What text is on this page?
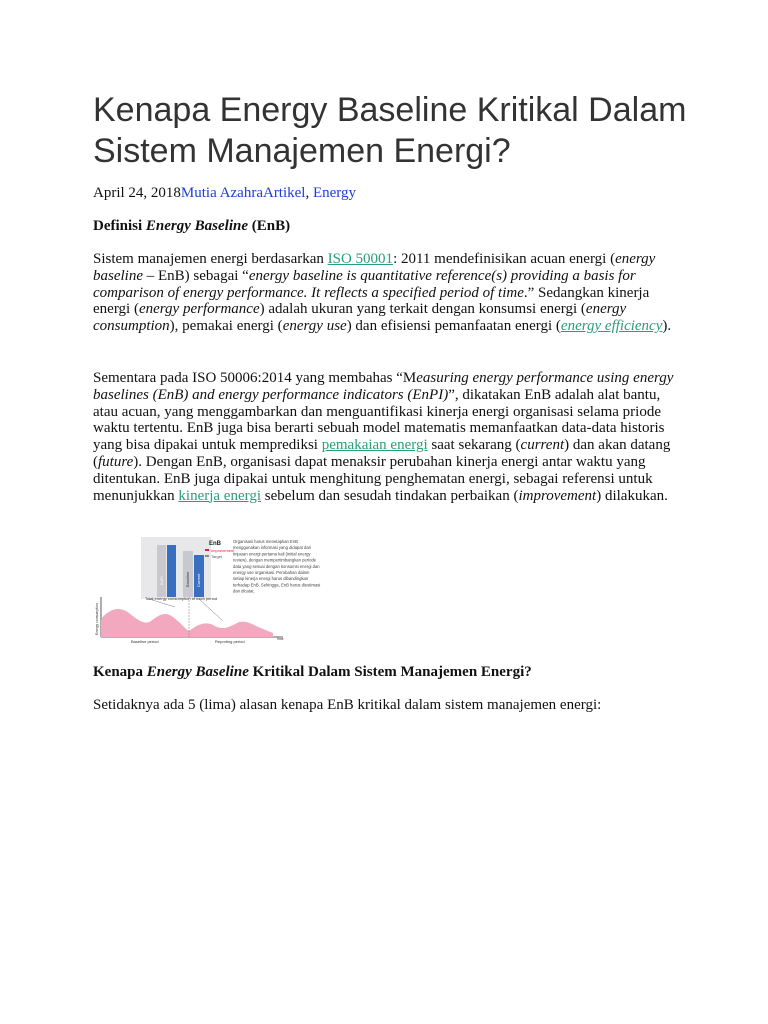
Kenapa Energy Baseline Kritikal Dalam Sistem Manajemen Energi?
April 24, 2018Mutia AzahraArtikel, Energy
Definisi Energy Baseline (EnB)

Sistem manajemen energi berdasarkan ISO 50001: 2011 mendefinisikan acuan energi (energy baseline – EnB) sebagai “energy baseline is quantitative reference(s) providing a basis for comparison of energy performance. It reflects a specified period of time.” Sedangkan kinerja energi (energy performance) adalah ukuran yang terkait dengan konsumsi energi (energy consumption), pemakai energi (energy use) dan efisiensi pemanfaatan energi (energy efficiency).

Sementara pada ISO 50006:2014 yang membahas “Measuring energy performance using energy baselines (EnB) and energy performance indicators (EnPI)”, dikatakan EnB adalah alat bantu, atau acuan, yang menggambarkan dan menguantifikasi kinerja energi organisasi selama priode waktu tertentu. EnB juga bisa berarti sebuah model matematis memanfaatkan data-data historis yang bisa dipakai untuk memprediksi pemakaian energi saat sekarang (current) dan akan datang (future). Dengan EnB, organisasi dapat menaksir perubahan kinerja energi antar waktu yang ditentukan. EnB juga dipakai untuk menghitung penghematan energi, sebagai referensi untuk menunjukkan kinerja energi sebelum dan sesudah tindakan perbaikan (improvement) dilakukan.

EnB
Improvement
Target
EnPI	Baseline Current
Energy consumption
Total energy consumption of each period
Baseline period	Reporting period	time
Organisasi harus menetapkan EnB
menggunakan informasi yang didapat dari
tinjauan energi pertama kali (initial energy
review), dengan mempertimbangkan periode
data yang sesuai dengan konsumsi energi dan
energy use organisasi. Perubahan dalam
setiap kinerja energi harus dibandingkan
terhadap EnB. Sehingga, EnB harus diestimasi
dan dicatat.
Kenapa Energy Baseline Kritikal Dalam Sistem Manajemen Energi?

Setidaknya ada 5 (lima) alasan kenapa EnB kritikal dalam sistem manajemen energi:
